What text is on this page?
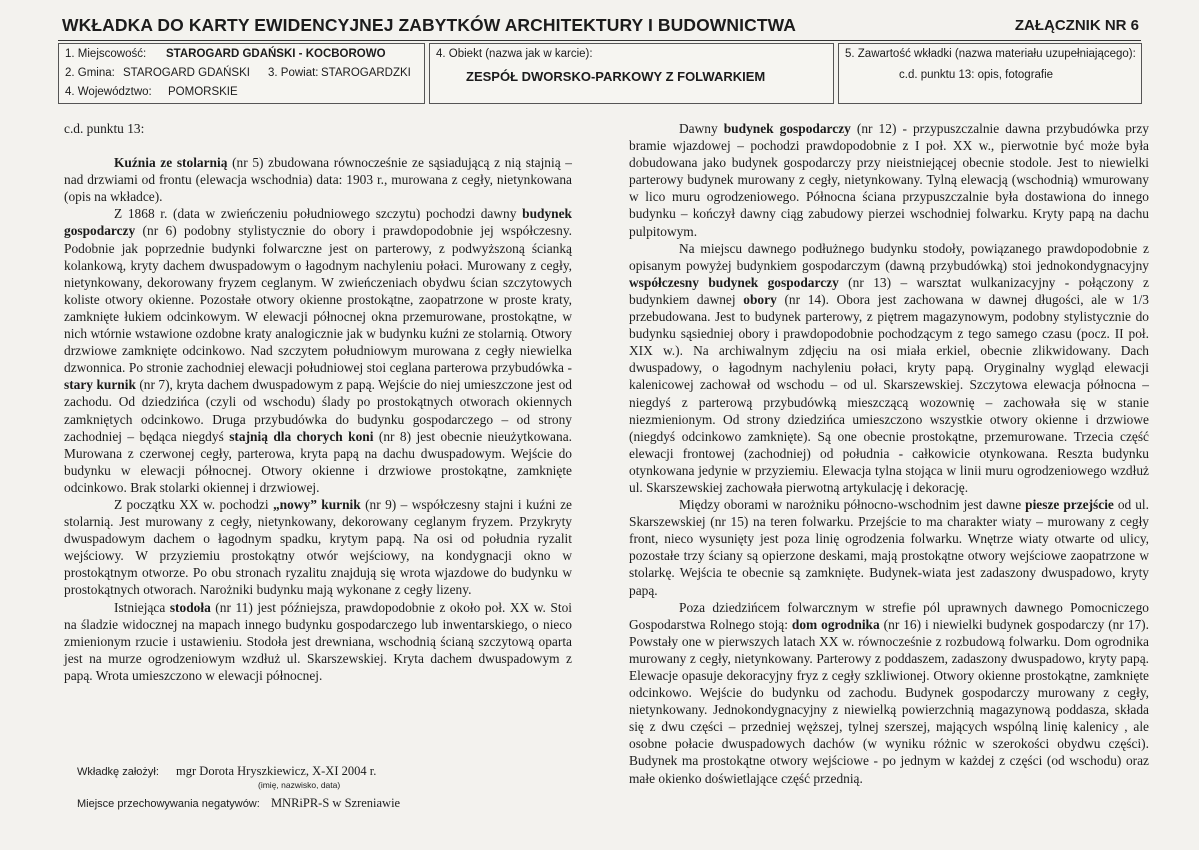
WKŁADKA DO KARTY EWIDENCYJNEJ ZABYTKÓW ARCHITEKTURY I BUDOWNICTWA	ZAŁĄCZNIK NR 6
1. Miejscowość: STAROGARD GDAŃSKI - KOCBOROWO
2. Gmina: STAROGARD GDAŃSKI 3. Powiat: STAROGARDZKI
4. Województwo: POMORSKIE
4. Obiekt (nazwa jak w karcie):
ZESPÓŁ DWORSKO-PARKOWY Z FOLWARKIEM
5. Zawartość wkładki (nazwa materiału uzupełniającego):
c.d. punktu 13: opis, fotografie

c.d. punktu 13:

Kuźnia ze stolarnią (nr 5) zbudowana równocześnie ze sąsiadującą z nią stajnią – nad drzwiami od frontu (elewacja wschodnia) data: 1903 r., murowana z cegły, nietynkowana (opis na wkładce).

Z 1868 r. (data w zwieńczeniu południowego szczytu) pochodzi dawny budynek gospodarczy (nr 6) podobny stylistycznie do obory i prawdopodobnie jej współczesny. Podobnie jak poprzednie budynki folwarczne jest on parterowy, z podwyższoną ścianką kolankową, kryty dachem dwuspadowym o łagodnym nachyleniu połaci. Murowany z cegły, nietynkowany, dekorowany fryzem ceglanym. W zwieńczeniach obydwu ścian szczytowych koliste otwory okienne. Pozostałe otwory okienne prostokątne, zaopatrzone w proste kraty, zamknięte łukiem odcinkowym. W elewacji północnej okna przemurowane, prostokątne, w nich wtórnie wstawione ozdobne kraty analogicznie jak w budynku kuźni ze stolarnią. Otwory drzwiowe zamknięte odcinkowo. Nad szczytem południowym murowana z cegły niewielka dzwonnica. Po stronie zachodniej elewacji południowej stoi ceglana parterowa przybudówka - stary kurnik (nr 7), kryta dachem dwuspadowym z papą. Wejście do niej umieszczone jest od zachodu. Od dziedzińca (czyli od wschodu) ślady po prostokątnych otworach okiennych zamkniętych odcinkowo. Druga przybudówka do budynku gospodarczego – od strony zachodniej – będąca niegdyś stajnią dla chorych koni (nr 8) jest obecnie nieużytkowana. Murowana z czerwonej cegły, parterowa, kryta papą na dachu dwuspadowym. Wejście do budynku w elewacji północnej. Otwory okienne i drzwiowe prostokątne, zamknięte odcinkowo. Brak stolarki okiennej i drzwiowej.

Z początku XX w. pochodzi „nowy” kurnik (nr 9) – współczesny stajni i kuźni ze stolarnią. Jest murowany z cegły, nietynkowany, dekorowany ceglanym fryzem. Przykryty dwuspadowym dachem o łagodnym spadku, krytym papą. Na osi od południa ryzalit wejściowy. W przyziemiu prostokątny otwór wejściowy, na kondygnacji okno w prostokątnym otworze. Po obu stronach ryzalitu znajdują się wrota wjazdowe do budynku w prostokątnych otworach. Narożniki budynku mają wykonane z cegły lizeny.

Istniejąca stodoła (nr 11) jest późniejsza, prawdopodobnie z około poł. XX w. Stoi na śladzie widocznej na mapach innego budynku gospodarczego lub inwentarskiego, o nieco zmienionym rzucie i ustawieniu. Stodoła jest drewniana, wschodnią ścianą szczytową oparta jest na murze ogrodzeniowym wzdłuż ul. Skarszewskiej. Kryta dachem dwuspadowym z papą. Wrota umieszczono w elewacji północnej.

Dawny budynek gospodarczy (nr 12) - przypuszczalnie dawna przybudówka przy bramie wjazdowej – pochodzi prawdopodobnie z I poł. XX w., pierwotnie być może była dobudowana jako budynek gospodarczy przy nieistniejącej obecnie stodole. Jest to niewielki parterowy budynek murowany z cegły, nietynkowany. Tylną elewacją (wschodnią) wmurowany w lico muru ogrodzeniowego. Północna ściana przypuszczalnie była dostawiona do innego budynku – kończył dawny ciąg zabudowy pierzei wschodniej folwarku. Kryty papą na dachu pulpitowym.

Na miejscu dawnego podłużnego budynku stodoły, powiązanego prawdopodobnie z opisanym powyżej budynkiem gospodarczym (dawną przybudówką) stoi jednokondygnacyjny współczesny budynek gospodarczy (nr 13) – warsztat wulkanizacyjny - połączony z budynkiem dawnej obory (nr 14). Obora jest zachowana w dawnej długości, ale w 1/3 przebudowana. Jest to budynek parterowy, z piętrem magazynowym, podobny stylistycznie do budynku sąsiedniej obory i prawdopodobnie pochodzącym z tego samego czasu (pocz. II poł. XIX w.). Na archiwalnym zdjęciu na osi miała erkiel, obecnie zlikwidowany. Dach dwuspadowy, o łagodnym nachyleniu połaci, kryty papą. Oryginalny wygląd elewacji kalenicowej zachował od wschodu – od ul. Skarszewskiej. Szczytowa elewacja północna – niegdyś z parterową przybudówką mieszczącą wozownię – zachowała się w stanie niezmienionym. Od strony dziedzińca umieszczono wszystkie otwory okienne i drzwiowe (niegdyś odcinkowo zamknięte). Są one obecnie prostokątne, przemurowane. Trzecia część elewacji frontowej (zachodniej) od południa - całkowicie otynkowana. Reszta budynku otynkowana jedynie w przyziemiu. Elewacja tylna stojąca w linii muru ogrodzeniowego wzdłuż ul. Skarszewskiej zachowała pierwotną artykulację i dekorację.

Między oborami w narożniku północno-wschodnim jest dawne piesze przejście od ul. Skarszewskiej (nr 15) na teren folwarku. Przejście to ma charakter wiaty – murowany z cegły front, nieco wysunięty jest poza linię ogrodzenia folwarku. Wnętrze wiaty otwarte od ulicy, pozostałe trzy ściany są opierzone deskami, mają prostokątne otwory wejściowe zaopatrzone w stolarkę. Wejścia te obecnie są zamknięte. Budynek-wiata jest zadaszony dwuspadowo, kryty papą.

Poza dziedzińcem folwarcznym w strefie pól uprawnych dawnego Pomocniczego Gospodarstwa Rolnego stoją: dom ogrodnika (nr 16) i niewielki budynek gospodarczy (nr 17). Powstały one w pierwszych latach XX w. równocześnie z rozbudową folwarku. Dom ogrodnika murowany z cegły, nietynkowany. Parterowy z poddaszem, zadaszony dwuspadowo, kryty papą. Elewacje opasuje dekoracyjny fryz z cegły szkliwionej. Otwory okienne prostokątne, zamknięte odcinkowo. Wejście do budynku od zachodu. Budynek gospodarczy murowany z cegły, nietynkowany. Jednokondygnacyjny z niewielką powierzchnią magazynową poddasza, składa się z dwu części – przedniej węższej, tylnej szerszej, mających wspólną linię kalenicy , ale osobne połacie dwuspadowych dachów (w wyniku różnic w szerokości obydwu części). Budynek ma prostokątne otwory wejściowe - po jednym w każdej z części (od wschodu) oraz małe okienko doświetlające część przednią.

Wkładkę założył: mgr Dorota Hryszkiewicz, X-XI 2004 r.
(imię, nazwisko, data)
Miejsce przechowywania negatywów: MNRiPR-S w Szreniawie
